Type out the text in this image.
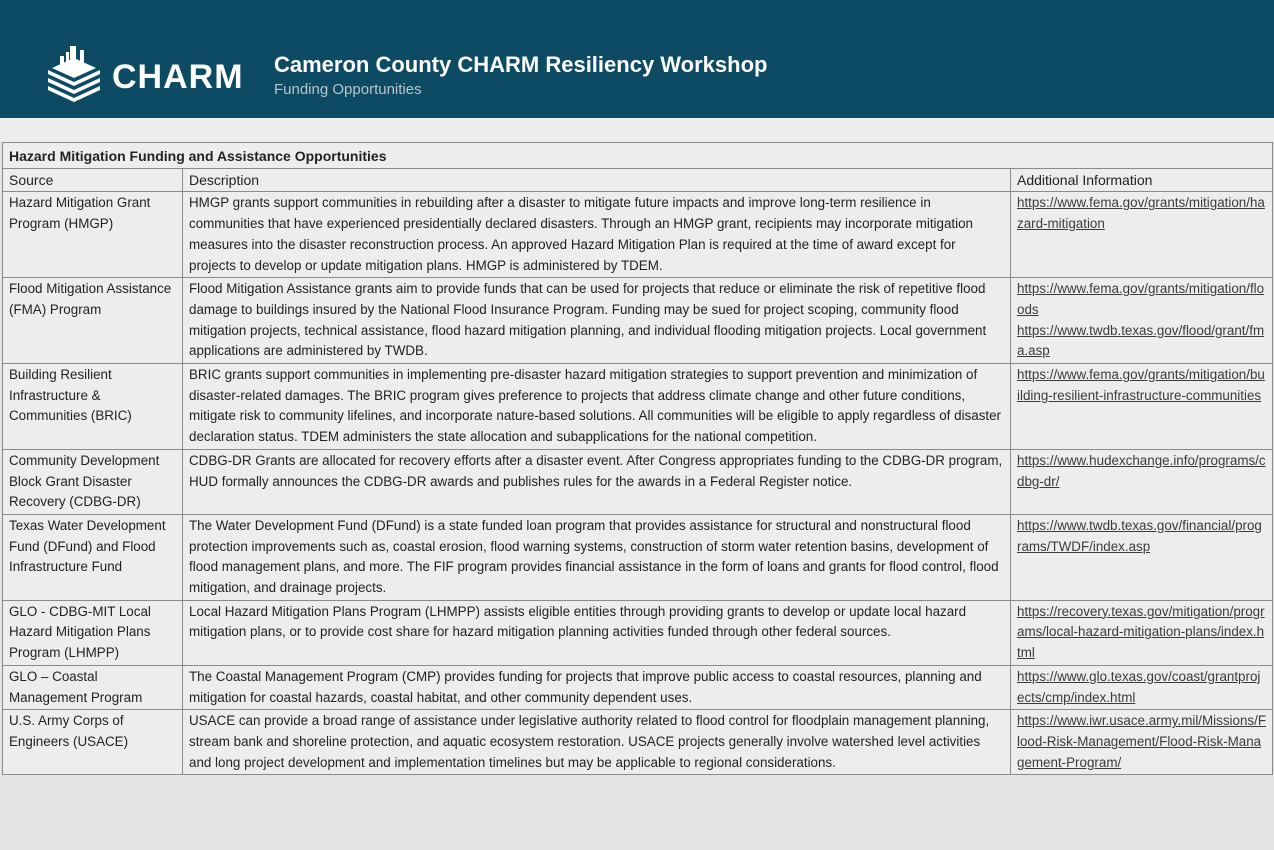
CHARM Cameron County CHARM Resiliency Workshop
Funding Opportunities
Hazard Mitigation Funding and Assistance Opportunities		
Source	Description	Additional Information
Hazard Mitigation Grant Program (HMGP)	HMGP grants support communities in rebuilding after a disaster to mitigate future impacts and improve long-term resilience in communities that have experienced presidentially declared disasters. Through an HMGP grant, recipients may incorporate mitigation measures into the disaster reconstruction process. An approved Hazard Mitigation Plan is required at the time of award except for projects to develop or update mitigation plans. HMGP is administered by TDEM.	https://www.fema.gov/grants/mitigation/hazard-mitigation

Flood Mitigation Assistance (FMA) Program	Flood Mitigation Assistance grants aim to provide funds that can be used for projects that reduce or eliminate the risk of repetitive flood damage to buildings insured by the National Flood Insurance Program. Funding may be sued for project scoping, community flood mitigation projects, technical assistance, flood hazard mitigation planning, and individual flooding mitigation projects. Local government applications are administered by TWDB.	https://www.fema.gov/grants/mitigation/floods
https://www.twdb.texas.gov/flood/grant/fma.asp

Building Resilient Infrastructure & Communities (BRIC)	BRIC grants support communities in implementing pre-disaster hazard mitigation strategies to support prevention and minimization of disaster-related damages. The BRIC program gives preference to projects that address climate change and other future conditions, mitigate risk to community lifelines, and incorporate nature-based solutions. All communities will be eligible to apply regardless of disaster declaration status. TDEM administers the state allocation and subapplications for the national competition.	https://www.fema.gov/grants/mitigation/building-resilient-infrastructure-communities

Community Development Block Grant Disaster Recovery (CDBG-DR)	CDBG-DR Grants are allocated for recovery efforts after a disaster event. After Congress appropriates funding to the CDBG-DR program, HUD formally announces the CDBG-DR awards and publishes rules for the awards in a Federal Register notice.	https://www.hudexchange.info/programs/cdbg-dr/

Texas Water Development Fund (DFund) and Flood Infrastructure Fund	The Water Development Fund (DFund) is a state funded loan program that provides assistance for structural and nonstructural flood protection improvements such as, coastal erosion, flood warning systems, construction of storm water retention basins, development of flood management plans, and more. The FIF program provides financial assistance in the form of loans and grants for flood control, flood mitigation, and drainage projects.	https://www.twdb.texas.gov/financial/programs/TWDF/index.asp

GLO - CDBG-MIT Local Hazard Mitigation Plans Program (LHMPP)	Local Hazard Mitigation Plans Program (LHMPP) assists eligible entities through providing grants to develop or update local hazard mitigation plans, or to provide cost share for hazard mitigation planning activities funded through other federal sources.	https://recovery.texas.gov/mitigation/programs/local-hazard-mitigation-plans/index.html

GLO – Coastal Management Program	The Coastal Management Program (CMP) provides funding for projects that improve public access to coastal resources, planning and mitigation for coastal hazards, coastal habitat, and other community dependent uses.	https://www.glo.texas.gov/coast/grantprojects/cmp/index.html

U.S. Army Corps of Engineers (USACE)	USACE can provide a broad range of assistance under legislative authority related to flood control for floodplain management planning, stream bank and shoreline protection, and aquatic ecosystem restoration. USACE projects generally involve watershed level activities and long project development and implementation timelines but may be applicable to regional considerations.	https://www.iwr.usace.army.mil/Missions/Flood-Risk-Management/Flood-Risk-Management-Program/
